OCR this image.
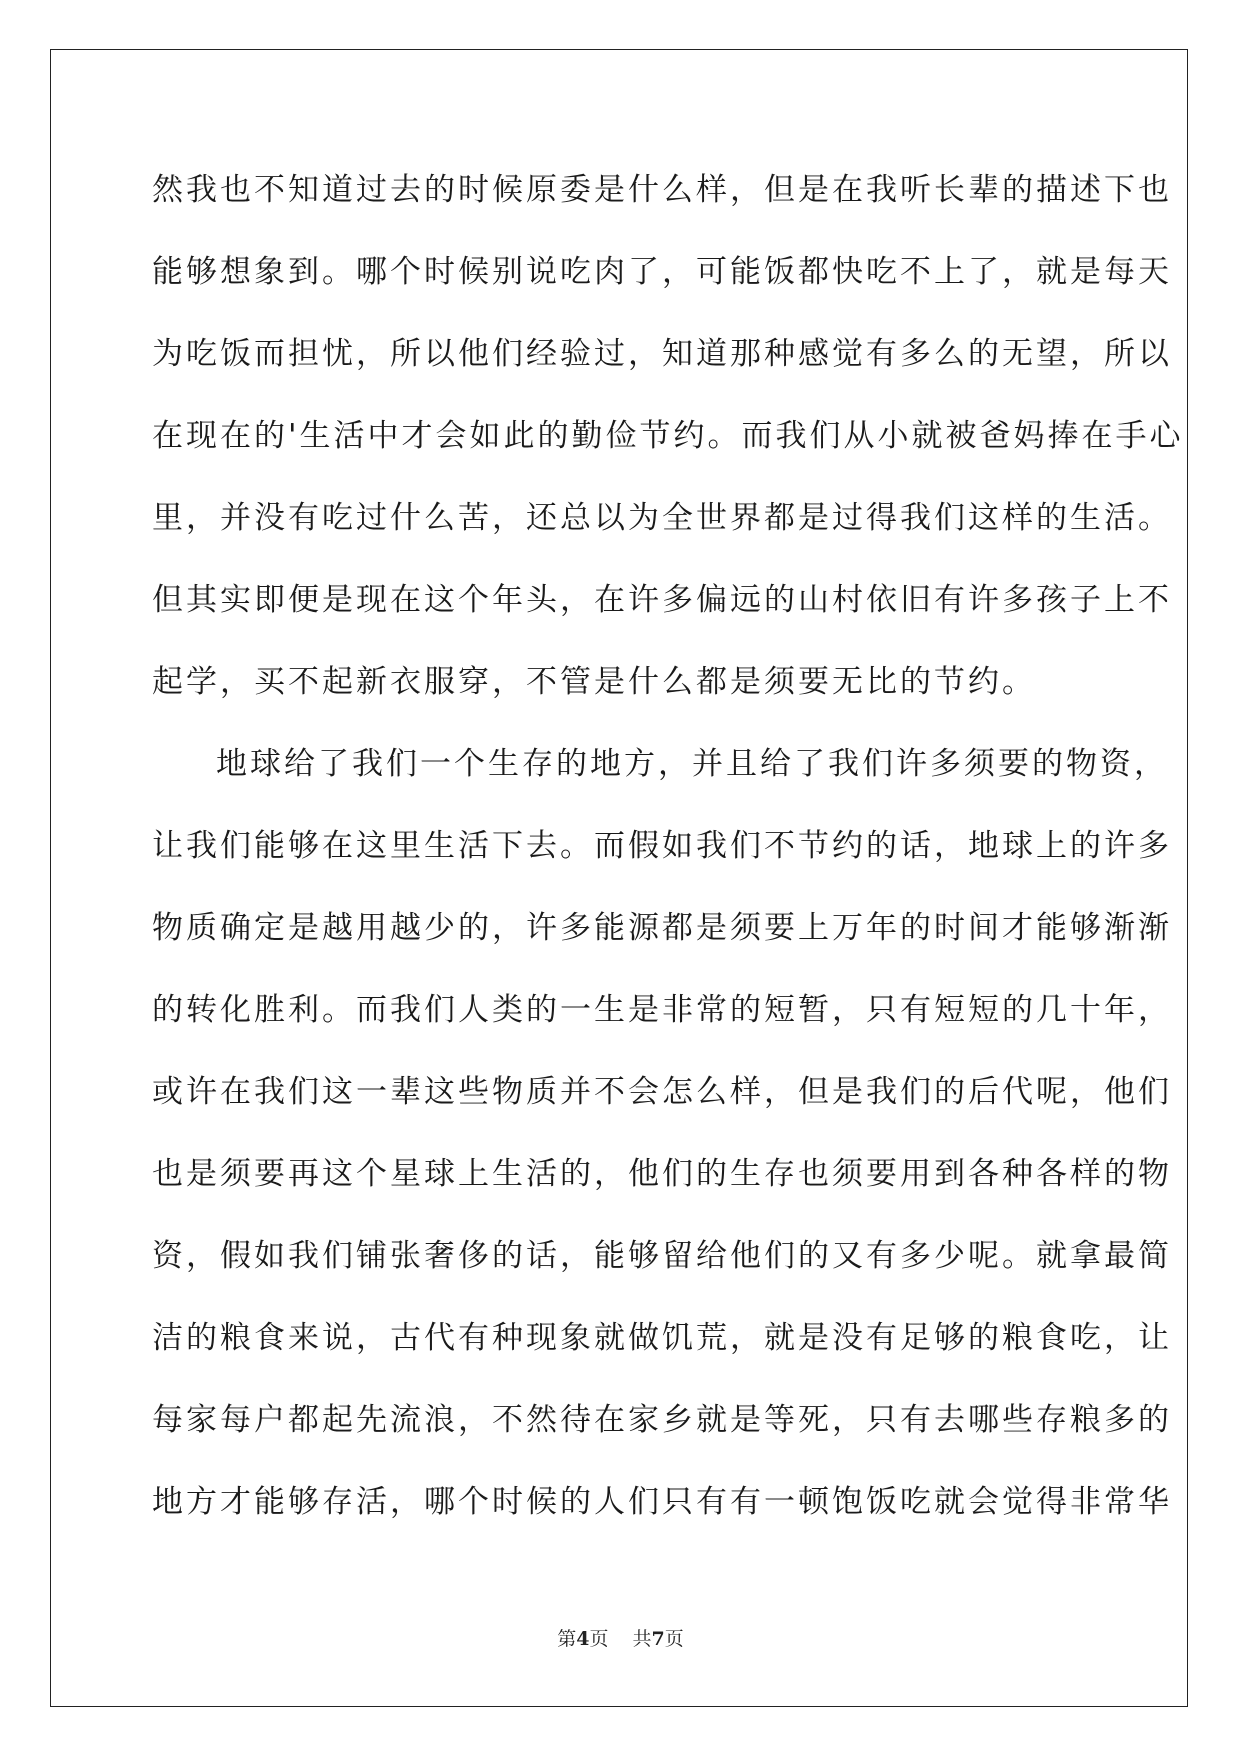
然我也不知道过去的时候原委是什么样，但是在我听长辈的描述下也
能够想象到。哪个时候别说吃肉了，可能饭都快吃不上了，就是每天
为吃饭而担忧，所以他们经验过，知道那种感觉有多么的无望，所以
在现在的'生活中才会如此的勤俭节约。而我们从小就被爸妈捧在手心
里，并没有吃过什么苦，还总以为全世界都是过得我们这样的生活。
但其实即便是现在这个年头，在许多偏远的山村依旧有许多孩子上不
起学，买不起新衣服穿，不管是什么都是须要无比的节约。
地球给了我们一个生存的地方，并且给了我们许多须要的物资，
让我们能够在这里生活下去。而假如我们不节约的话，地球上的许多
物质确定是越用越少的，许多能源都是须要上万年的时间才能够渐渐
的转化胜利。而我们人类的一生是非常的短暂，只有短短的几十年，
或许在我们这一辈这些物质并不会怎么样，但是我们的后代呢，他们
也是须要再这个星球上生活的，他们的生存也须要用到各种各样的物
资，假如我们铺张奢侈的话，能够留给他们的又有多少呢。就拿最简
洁的粮食来说，古代有种现象就做饥荒，就是没有足够的粮食吃，让
每家每户都起先流浪，不然待在家乡就是等死，只有去哪些存粮多的
地方才能够存活，哪个时候的人们只有有一顿饱饭吃就会觉得非常华
第4页 共7页
